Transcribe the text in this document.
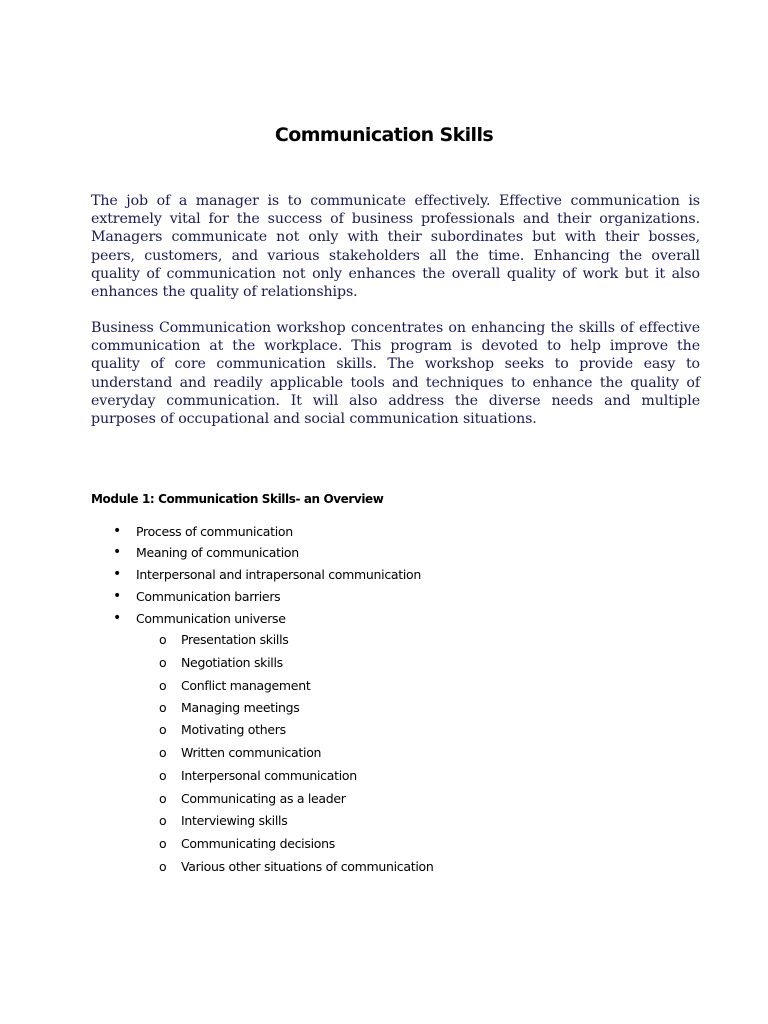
Communication Skills

The job of a manager is to communicate effectively. Effective communication is extremely vital for the success of business professionals and their organizations. Managers communicate not only with their subordinates but with their bosses, peers, customers, and various stakeholders all the time. Enhancing the overall quality of communication not only enhances the overall quality of work but it also enhances the quality of relationships.

Business Communication workshop concentrates on enhancing the skills of effective communication at the workplace. This program is devoted to help improve the quality of core communication skills. The workshop seeks to provide easy to understand and readily applicable tools and techniques to enhance the quality of everyday communication. It will also address the diverse needs and multiple purposes of occupational and social communication situations.

Module 1: Communication Skills- an Overview
• Process of communication
• Meaning of communication
• Interpersonal and intrapersonal communication
• Communication barriers
• Communication universe
o Presentation skills
o Negotiation skills
o Conflict management
o Managing meetings
o Motivating others
o Written communication
o Interpersonal communication
o Communicating as a leader
o Interviewing skills
o Communicating decisions
o Various other situations of communication
